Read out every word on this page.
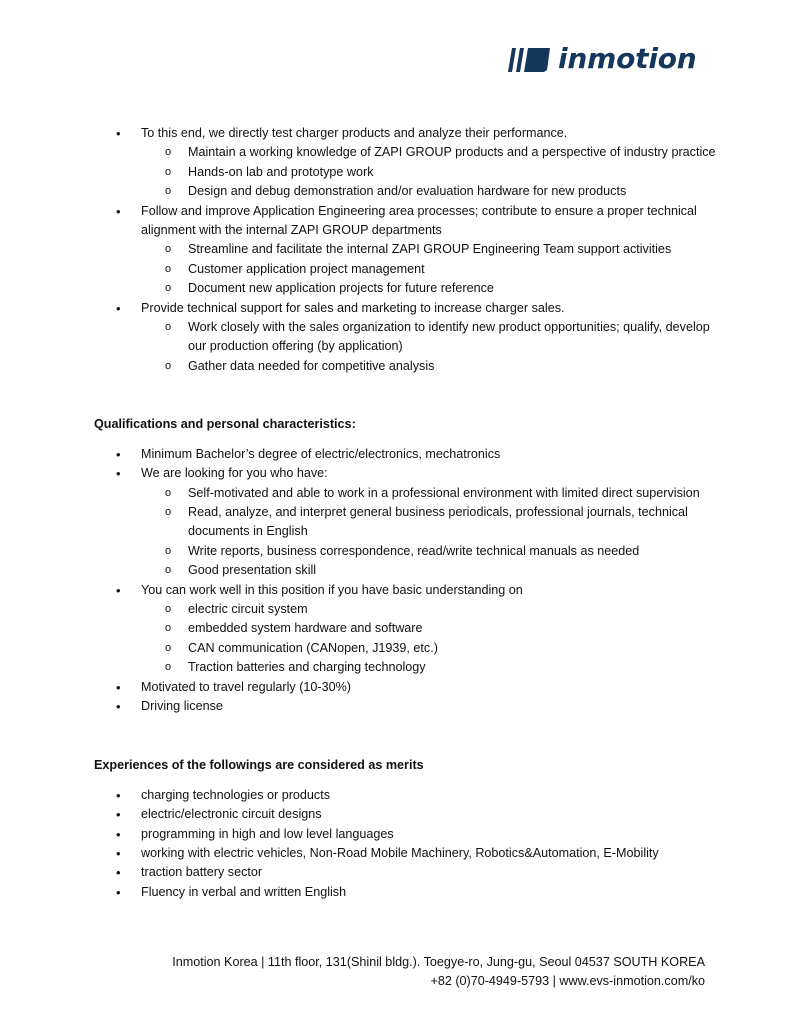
inmotion
• To this end, we directly test charger products and analyze their performance.
o Maintain a working knowledge of ZAPI GROUP products and a perspective of industry practice
o Hands-on lab and prototype work
o Design and debug demonstration and/or evaluation hardware for new products
• Follow and improve Application Engineering area processes; contribute to ensure a proper technical alignment with the internal ZAPI GROUP departments
o Streamline and facilitate the internal ZAPI GROUP Engineering Team support activities
o Customer application project management
o Document new application projects for future reference
• Provide technical support for sales and marketing to increase charger sales.
o Work closely with the sales organization to identify new product opportunities; qualify, develop our production offering (by application)
o Gather data needed for competitive analysis
Qualifications and personal characteristics:
• Minimum Bachelor’s degree of electric/electronics, mechatronics
• We are looking for you who have:
o Self-motivated and able to work in a professional environment with limited direct supervision
o Read, analyze, and interpret general business periodicals, professional journals, technical documents in English
o Write reports, business correspondence, read/write technical manuals as needed
o Good presentation skill
• You can work well in this position if you have basic understanding on
o electric circuit system
o embedded system hardware and software
o CAN communication (CANopen, J1939, etc.)
o Traction batteries and charging technology
• Motivated to travel regularly (10-30%)
• Driving license
Experiences of the followings are considered as merits
• charging technologies or products
• electric/electronic circuit designs
• programming in high and low level languages
• working with electric vehicles, Non-Road Mobile Machinery, Robotics&Automation, E-Mobility
• traction battery sector
• Fluency in verbal and written English
Inmotion Korea | 11th floor, 131(Shinil bldg.). Toegye-ro, Jung-gu, Seoul 04537 SOUTH KOREA
+82 (0)70-4949-5793 | www.evs-inmotion.com/ko
